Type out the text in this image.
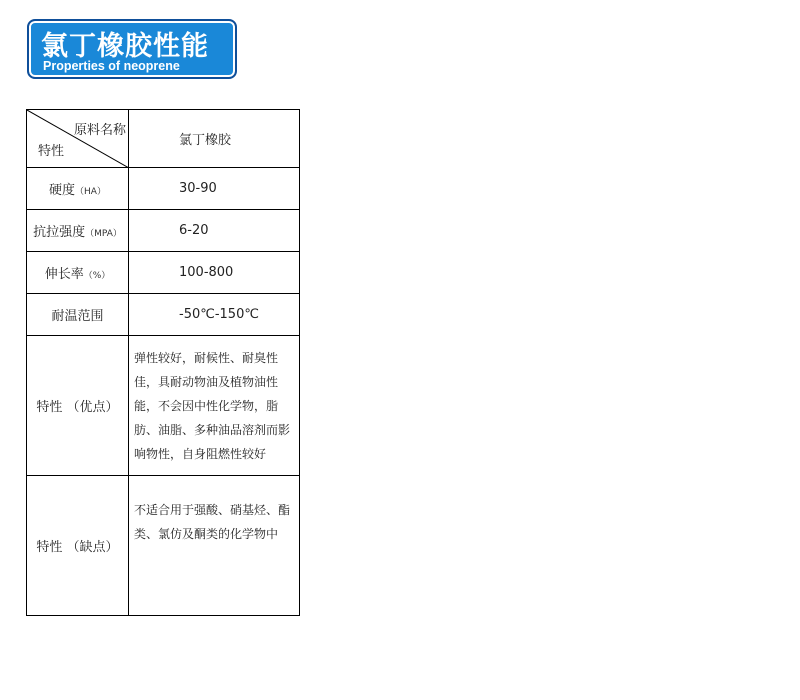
氯丁橡胶性能
Properties of neoprene
原料名称
特性	氯丁橡胶
硬度（HA）	30-90
抗拉强度（MPA）	6-20
伸长率（%）	100-800
耐温范围	-50℃-150℃
特性 （优点）	弹性较好，耐候性、耐臭性佳，具耐动物油及植物油性能，不会因中性化学物，脂肪、油脂、多种油品溶剂而影响物性，自身阻燃性较好
特性 （缺点）	不适合用于强酸、硝基烃、酯类、氯仿及酮类的化学物中
